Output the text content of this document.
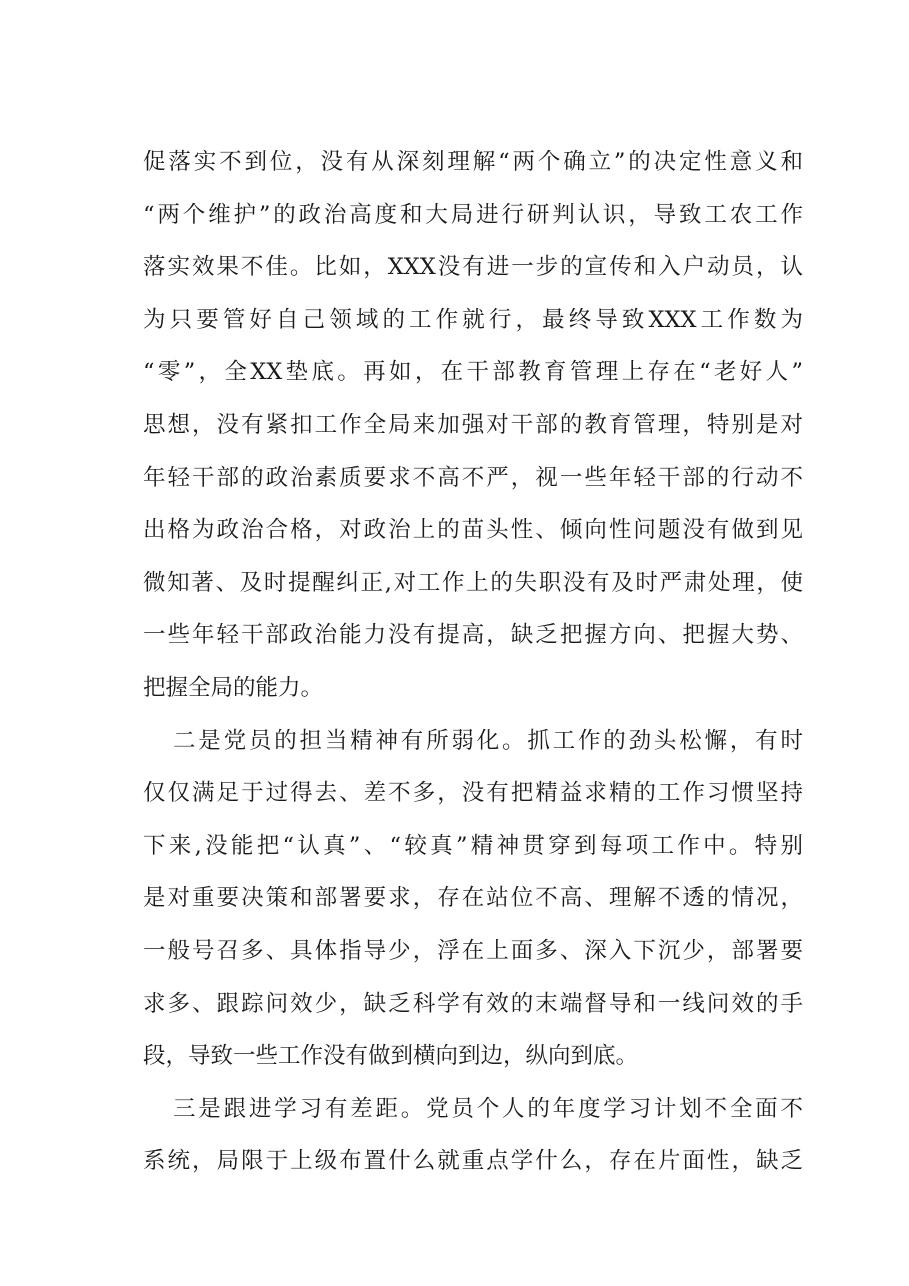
促落实不到位，没有从深刻理解“两个确立”的决定性意义和
“两个维护”的政治高度和大局进行研判认识，导致工农工作
落实效果不佳。比如，XXX没有进一步的宣传和入户动员，认
为只要管好自己领域的工作就行，最终导致XXX工作数为
“零”，全XX垫底。再如，在干部教育管理上存在“老好人”
思想，没有紧扣工作全局来加强对干部的教育管理，特别是对
年轻干部的政治素质要求不高不严，视一些年轻干部的行动不
出格为政治合格，对政治上的苗头性、倾向性问题没有做到见
微知著、及时提醒纠正,对工作上的失职没有及时严肃处理，使
一些年轻干部政治能力没有提高，缺乏把握方向、把握大势、
把握全局的能力。
二是党员的担当精神有所弱化。抓工作的劲头松懈，有时
仅仅满足于过得去、差不多，没有把精益求精的工作习惯坚持
下来,没能把“认真”、“较真”精神贯穿到每项工作中。特别
是对重要决策和部署要求，存在站位不高、理解不透的情况，
一般号召多、具体指导少，浮在上面多、深入下沉少，部署要
求多、跟踪问效少，缺乏科学有效的末端督导和一线问效的手
段，导致一些工作没有做到横向到边，纵向到底。
三是跟进学习有差距。党员个人的年度学习计划不全面不
系统，局限于上级布置什么就重点学什么，存在片面性，缺乏
